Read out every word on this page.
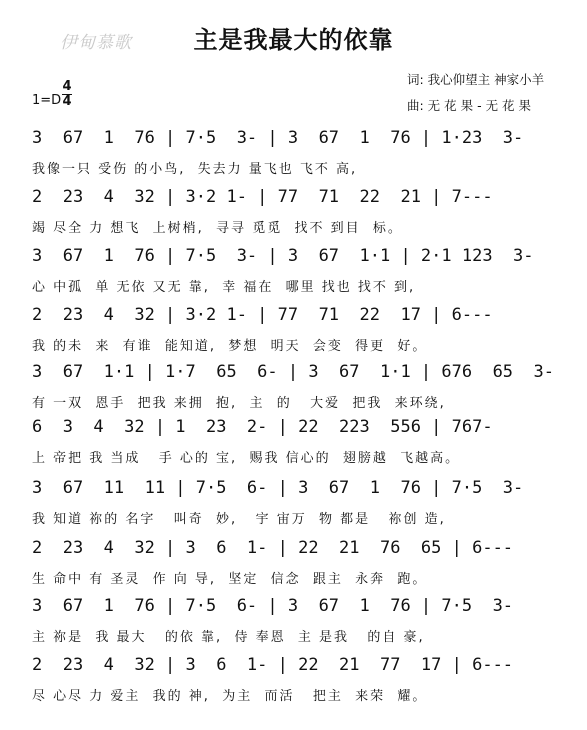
伊甸慕歌	主是我最大的依靠
词: 我心仰望主 神家小羊
曲: 无 花 果 - 无 花 果
1=D
4
4
3  67  1  76 | 7·5  3- | 3  67  1  76 | 1·23  3-
我像一只 受伤 的小鸟,  失去力 量飞也 飞不 高,
2  23  4  32 | 3·2 1- | 77  71  22  21 | 7---
竭 尽全 力 想飞  上树梢,  寻寻 觅觅  找不 到目  标。
3  67  1  76 | 7·5  3- | 3  67  1·1 | 2·1 123  3-
心 中孤  单 无依 又无 靠,  幸 福在  哪里 找也 找不 到,
2  23  4  32 | 3·2 1- | 77  71  22  17 | 6---
我 的未  来  有谁  能知道,  梦想  明天  会变  得更  好。
3  67  1·1 | 1·7  65  6- | 3  67  1·1 | 676  65  3-
有 一双  恩手  把我 来拥  抱,  主  的   大爱  把我  来环绕,
6  3  4  32 | 1  23  2- | 22  223  556 | 767-
上 帝把 我 当成   手 心的 宝,  赐我 信心的  翅膀越  飞越高。
3  67  11  11 | 7·5  6- | 3  67  1  76 | 7·5  3-
我 知道 祢的 名字   叫奇  妙,   宇 宙万  物 都是   祢创 造,
2  23  4  32 | 3  6  1- | 22  21  76  65 | 6---
生 命中 有 圣灵  作 向 导,  坚定  信念  跟主  永奔  跑。
3  67  1  76 | 7·5  6- | 3  67  1  76 | 7·5  3-
主 祢是  我 最大   的依 靠,  侍 奉恩  主 是我   的自 豪,
2  23  4  32 | 3  6  1- | 22  21  77  17 | 6---
尽 心尽 力 爱主  我的 神,  为主  而活   把主  来荣  耀。
